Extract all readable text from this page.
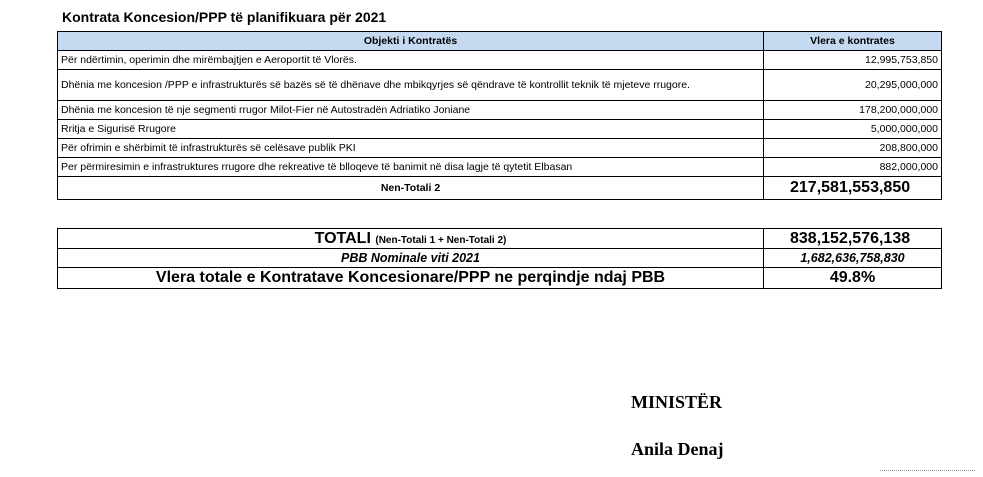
Kontrata Koncesion/PPP të planifikuara për 2021
Objekti i Kontratës	Vlera e kontrates
Për ndërtimin, operimin dhe mirëmbajtjen e Aeroportit të Vlorës.	12,995,753,850
Dhënia me koncesion /PPP e infrastrukturës së bazës së të dhënave dhe mbikqyrjes së qëndrave të kontrollit teknik të mjeteve rrugore.	20,295,000,000
Dhënia me koncesion të nje segmenti rrugor Milot-Fier në Autostradën Adriatiko Joniane	178,200,000,000
Rritja e Sigurisë Rrugore	5,000,000,000
Për ofrimin e shërbimit të infrastrukturës së celësave publik PKI	208,800,000
Per përmiresimin e infrastruktures rrugore dhe rekreative të blloqeve të banimit në disa lagje të qytetit Elbasan	882,000,000
Nen-Totali 2	217,581,553,850
TOTALI (Nen-Totali 1 + Nen-Totali 2)	838,152,576,138
PBB Nominale viti 2021	1,682,636,758,830
Vlera totale e Kontratave Koncesionare/PPP ne perqindje ndaj PBB	49.8%
MINISTËR
Anila Denaj
